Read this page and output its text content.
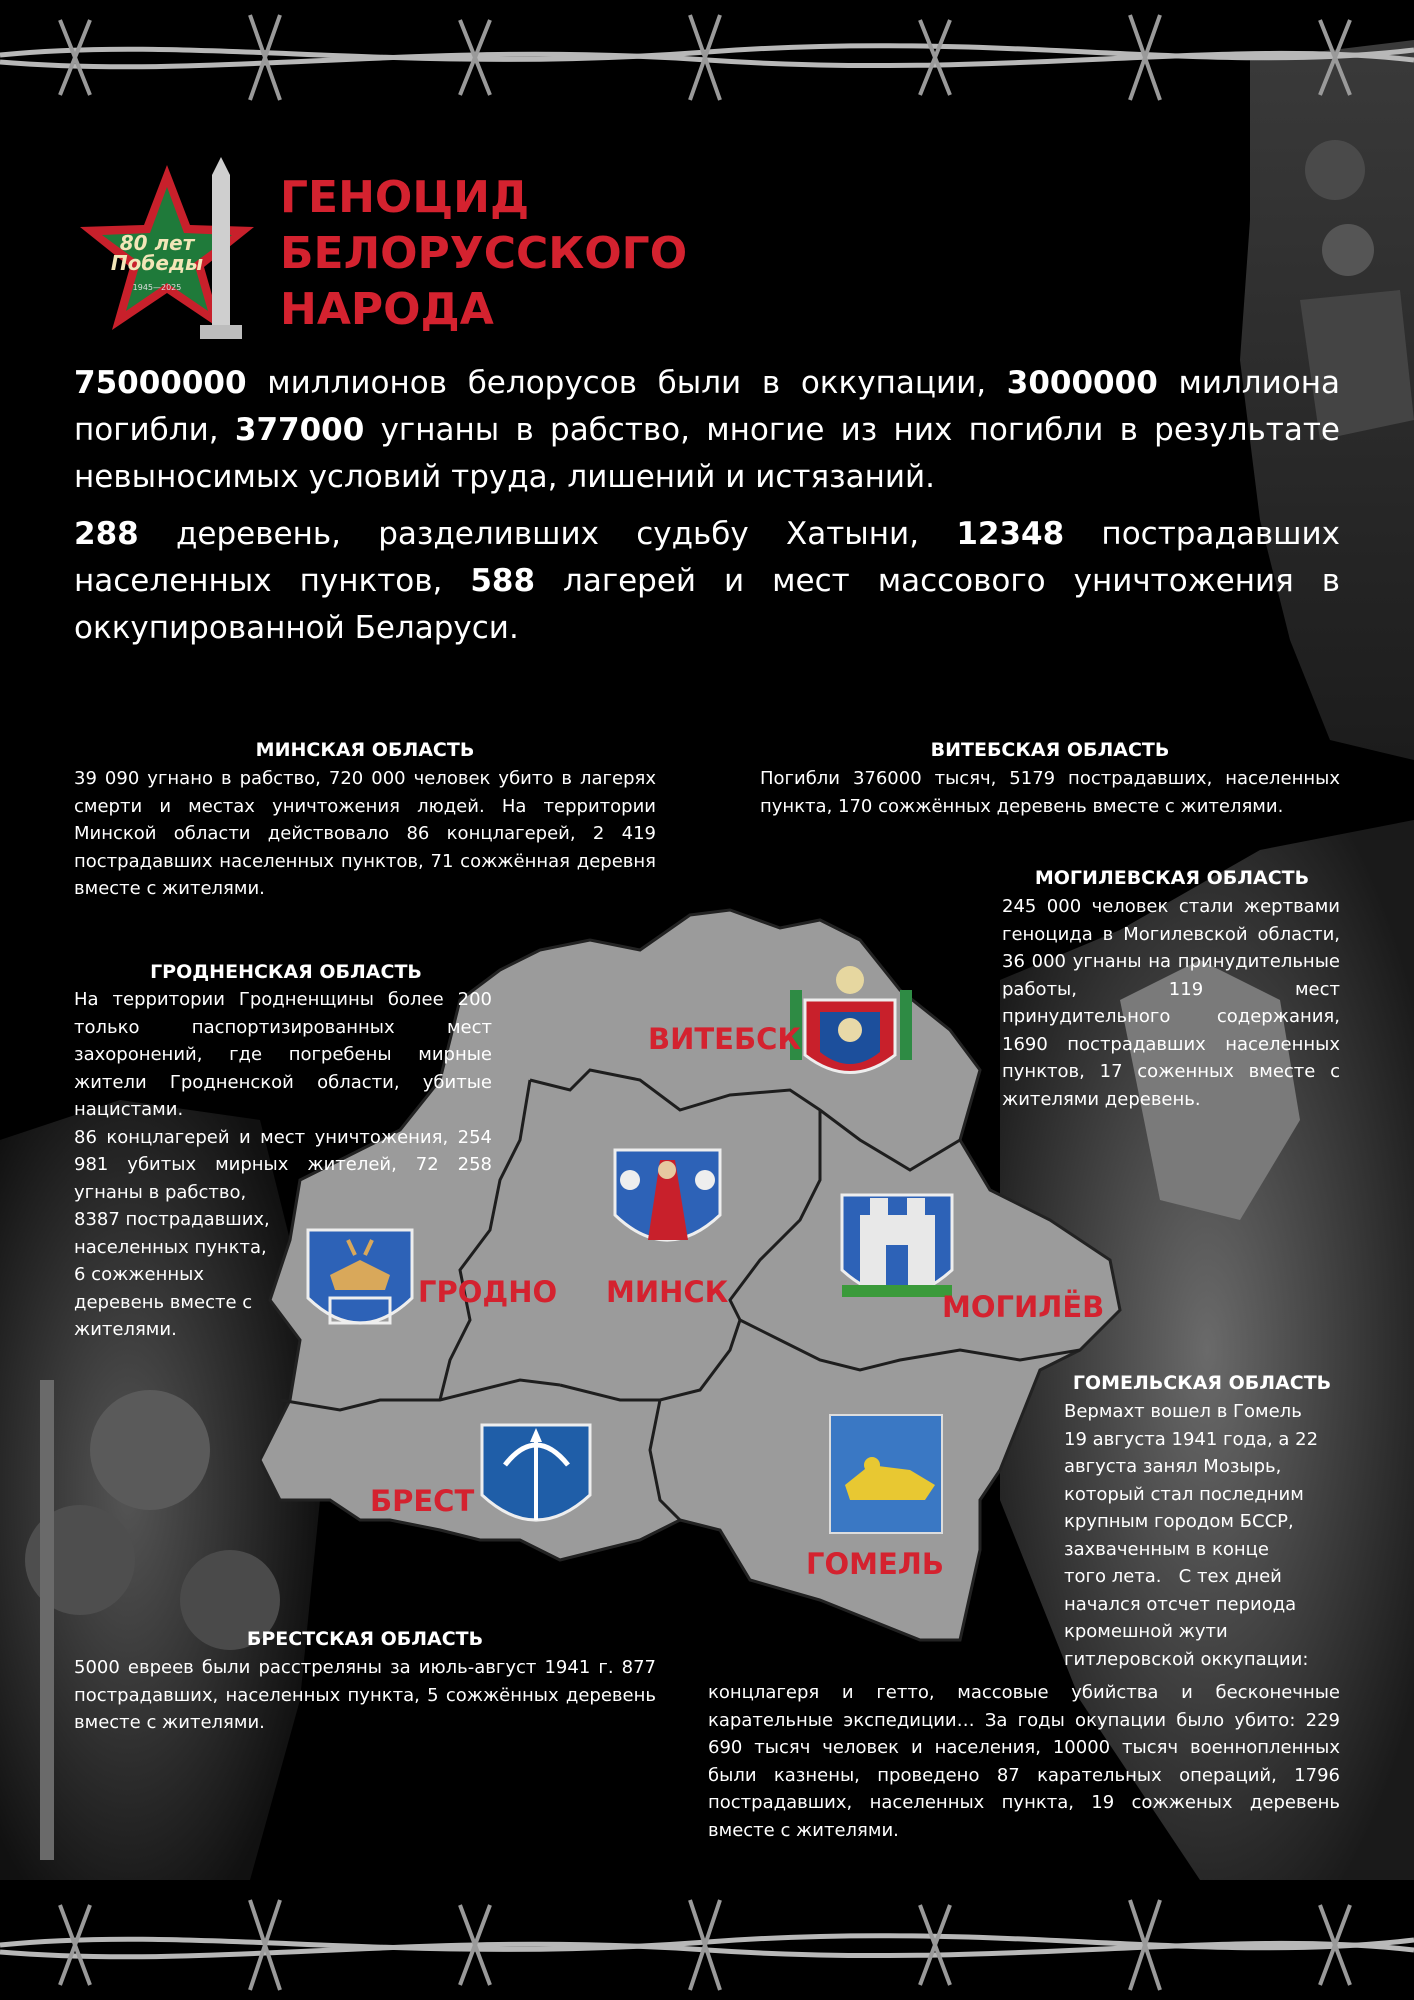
80 лет Победы
1945—2025
ГЕНОЦИД
БЕЛОРУССКОГО
НАРОДА
75000000 миллионов белорусов были в оккупации, 3000000 миллиона погибли, 377000 угнаны в рабство, многие из них погибли в результате невыносимых условий труда, лишений и истязаний.
288 деревень, разделивших судьбу Хатыни, 12348 пострадавших населенных пунктов, 588 лагерей и мест массового уничтожения в оккупированной Беларуси.
ВИТЕБСК
МИНСК
ГРОДНО	МОГИЛЁВ
БРЕСТ
ГОМЕЛЬ
МИНСКАЯ ОБЛАСТЬ
39 090 угнано в рабство, 720 000 человек убито в лагерях смерти и местах уничтожения людей. На территории Минской области действовало 86 концлагерей, 2 419 пострадавших населенных пунктов, 71 сожжённая деревня вместе с жителями.
ВИТЕБСКАЯ ОБЛАСТЬ
Погибли 376000 тысяч, 5179 пострадавших, населенных пункта, 170 сожжённых деревень вместе с жителями.
МОГИЛЕВСКАЯ ОБЛАСТЬ
245 000 человек стали жертвами геноцида в Могилевской области, 36 000 угнаны на принудительные работы, 119 мест принудительного содержания, 1690 пострадавших населенных пунктов, 17 соженных вместе с жителями деревень.
ГРОДНЕНСКАЯ ОБЛАСТЬ
На территории Гродненщины более 200 только паспортизированных мест захоронений, где погребены мирные жители Гродненской области, убитые нацистами.
86 концлагерей и мест уничтожения, 254 981 убитых мирных жителей, 72 258 угнаны в рабство,
8387 пострадавших,
населенных пункта,
6 сожженных
деревень вместе с
жителями.
ГОМЕЛЬСКАЯ ОБЛАСТЬ
Вермахт вошел в Гомель
19 августа 1941 года, а 22
августа занял Мозырь,
который стал последним
крупным городом БССР,
захваченным в конце
того лета.   С тех дней
начался отсчет периода
кромешной жути
гитлеровской оккупации:
концлагеря и гетто, массовые убийства и бесконечные карательные экспедиции… За годы окупации было убито: 229 690 тысяч человек и населения, 10000 тысяч военнопленных были казнены, проведено 87 карательных операций, 1796 пострадавших, населенных пункта, 19 сожженых деревень вместе с жителями.
БРЕСТСКАЯ ОБЛАСТЬ
5000 евреев были расстреляны за июль-август 1941 г. 877 пострадавших, населенных пункта, 5 сожжённых деревень вместе с жителями.
